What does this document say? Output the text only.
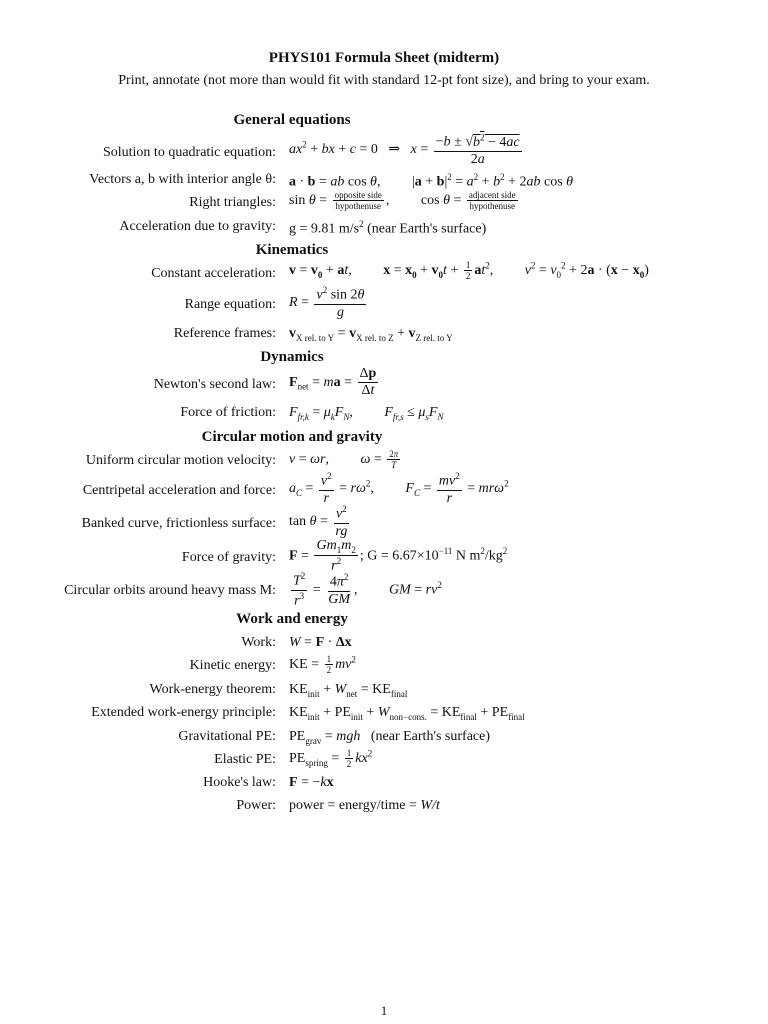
PHYS101 Formula Sheet (midterm)
Print, annotate (not more than would fit with standard 12-pt font size), and bring to your exam.
General equations
Solution to quadratic equation: $ax^2$ + bx + c = 0   ⇒   $x = \frac{-b \pm √b^2 - 4ac}{2a}$
Vectors a, b with interior angle θ: a · b = ab cos θ, $|a + b|^2 = a^2 + b^2 + 2ab$ cos θ
Right triangles: $\sin \theta = \frac{\text{opposite side}}{\text{hypothenuse}}$ , $\cos \theta = \frac{\text{adjacent side}}{\text{hypothenuse}}$
Acceleration due to gravity: g = 9.81 $m/s^2$ (near Earth's surface)
Kinematics
Constant acceleration: $v = v_0$ + at, $x = x_0 + v_0t + \frac{1}{2} at^2$, $v^2 = v_0^2 + 2a \cdot (x - x_0)$
Range equation: $R = \frac{v^2 \sin 2\theta}{g}$
Reference frames: $v_{X rel. to Y} = v_{X rel. to Z} + v_{Z rel. to Y}$
Dynamics
Newton's second law: $F_{net}$ = ma = $\frac{\Delta p}{\Delta t}$
Force of friction: $F_{fr,k} = \mu_kF_N$, $F_{fr,s} \le \mu_sF_N$
Circular motion and gravity
Uniform circular motion velocity: v = ωr, $\omega = \frac{2\pi}{T}$
Centripetal acceleration and force: $a_C = \frac{v^2}{r} = r\omega^2$, $F_C = \frac{mv^2}{r} = mr\omega^2$
Banked curve, frictionless surface: $\tan \theta = \frac{v^2}{rg}$
Force of gravity: $F = \frac{Gm_1m_2}{r^2}$ ; $G = 6.67\times 10^{-11}$ N $m^2/kg^2$
Circular orbits around heavy mass M: $\frac{T^2}{r^3} = \frac{4\pi^2}{GM}$ , GM = $rv^2$
Work and energy
Work: W = F · Δx
Kinetic energy: KE = $\frac{1}{2} mv^2$
Work-energy theorem: $KE_{init} + W_{net} = KE_{final}$
Extended work-energy principle: $KE_{init} + PE_{init} + W_{non-cons.} = KE_{final} + PE_{final}$
Gravitational PE: $PE_{grav}$ = mgh (near Earth's surface)
Elastic PE: $PE_{spring} = \frac{1}{2} kx^2$
Hooke's law: F = −kx
Power: power = energy/time = W/t
1
